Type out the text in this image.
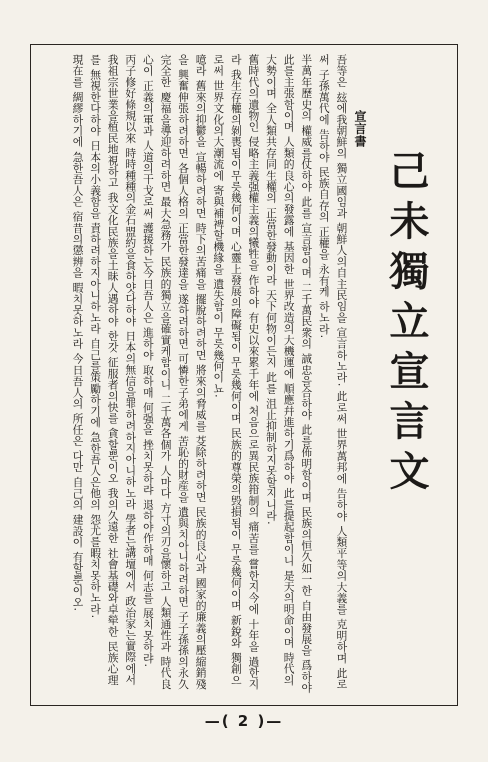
己未獨立宣言文
宣言書
吾等은 玆에我朝鮮의 獨立國임과 朝鮮人의自主民임을 宣言하노라. 此로써 世界萬邦에 告하야 人類平等의大義를 克明하며 此로써 子孫萬代에 告하야 民族自存의 正權을 永有케 하노라.
半萬年歷史의 權威를仗하야 此를 宣言함이며 二千萬民衆의 誠忠을合하야 此를佈明함이며 民族의恒久如一한 自由發展을 爲하야 此를主張함이며 人類的良心의發露에 基因한 世界改造의大機運에 順應幷進하기爲하야 此를提起함이니 是天의明命이며 時代의大勢이며 全人類共存同生權의 正當한發動이라 天下何物이든지 此를 沮止抑制하지못할지니라.
舊時代의遺物인 侵略主義强權主義의犧牲을 作하야 有史以來累千年에 처음으로異民族箝制의 痛苦를 嘗한지今에 十年을 過한지라 我生存權의剝喪됨이무릇幾何이며 心靈上發展의障礙됨이 무릇幾何이며 民族的尊榮의毁損됨이 무릇幾何이며 新銳와 獨創으로써 世界文化의大潮流에 寄與補裨할機緣을 遺失함이 무릇幾何이뇨.
噫라 舊來의抑鬱을 宣暢하려하면 時下의苦痛을 擺脫하려하면 將來의脅威를 芟除하려하면 民族的良心과 國家的廉義의壓縮銷殘을 興奮伸張하려하면 各個人格의 正當한發達을 遂하려하면 可憐한子弟에게 苦恥的財産을 遺與치아니하려하면 子子孫孫의永久完全한 慶福을導迎하려하면 最大急務가 民族的獨立을確實케함이니 二千萬各個가 人마다 方寸의刃을懷하고 人類通性과 時代良心이 正義의軍과 人道의干戈로써 護援하는今日吾人은 進하야 取하매 何强을 挫치못하랴 退하야作하매 何志를 展치못하랴.
丙子修好條規以來 時時種種의金石盟約을食하얏다하야 日本의無信을罪하려하지아니하노라 學者는講壇에서 政治家는實際에서 我祖宗世業을植民地視하고 我文化民族을土昧人遇하야 한갓 征服者의快를 貪할뿐이오 我의久遠한 社會基礎와卓犖한 民族心理를 無視한다하야 日本의小義함을 責하려하지아니하노라 自己를策勵하기에 急한吾人은他의 怨尤를暇치못하노라.
現在를 綢繆하기에 急한吾人은 宿昔의懲辨을 暇치못하노라 今日吾人의 所任은 다만 自己의 建設이 有할뿐이오.
—( 2 )—
